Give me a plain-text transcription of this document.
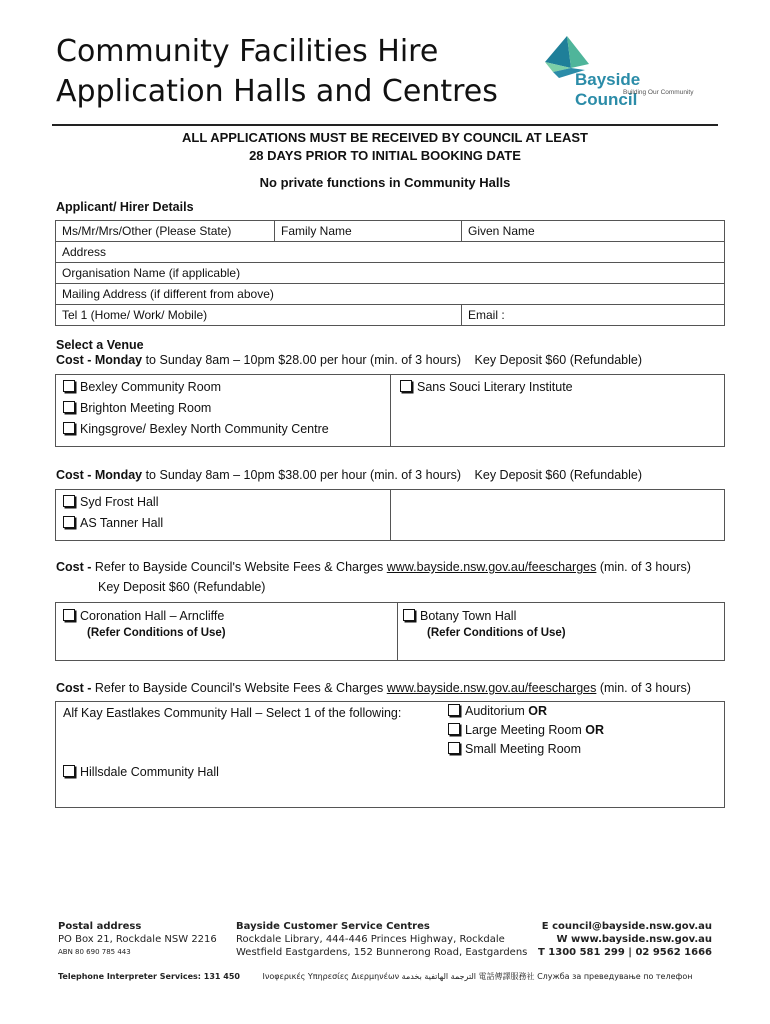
Community Facilities Hire
Application Halls and Centres	Bayside Council
Building Our Community
ALL APPLICATIONS MUST BE RECEIVED BY COUNCIL AT LEAST
28 DAYS PRIOR TO INITIAL BOOKING DATE
No private functions in Community Halls
Applicant/ Hirer Details
Ms/Mr/Mrs/Other (Please State)	Family Name	Given Name
Address		
Organisation Name (if applicable)		
Mailing Address (if different from above)		
Tel 1 (Home/ Work/ Mobile)		Email :
Select a Venue
Cost - Monday to Sunday 8am – 10pm $28.00 per hour (min. of 3 hours) Key Deposit $60 (Refundable)
Bexley Community Room
Brighton Meeting Room
Kingsgrove/ Bexley North Community Centre
Sans Souci Literary Institute
Cost - Monday to Sunday 8am – 10pm $38.00 per hour (min. of 3 hours) Key Deposit $60 (Refundable)
Syd Frost Hall
AS Tanner Hall
Cost - Refer to Bayside Council's Website Fees & Charges www.bayside.nsw.gov.au/feescharges (min. of 3 hours)
Key Deposit $60 (Refundable)
Coronation Hall – Arncliffe
(Refer Conditions of Use)
Botany Town Hall
(Refer Conditions of Use)
Cost - Refer to Bayside Council's Website Fees & Charges www.bayside.nsw.gov.au/feescharges (min. of 3 hours)
Alf Kay Eastlakes Community Hall – Select 1 of the following:	Auditorium OR
Large Meeting Room OR
Small Meeting Room
Hillsdale Community Hall
Postal address
PO Box 21, Rockdale NSW 2216
ABN 80 690 785 443
Bayside Customer Service Centres
Rockdale Library, 444-446 Princes Highway, Rockdale
Westfield Eastgardens, 152 Bunnerong Road, Eastgardens
E council@bayside.nsw.gov.au
W www.bayside.nsw.gov.au
T 1300 581 299 | 02 9562 1666
Telephone Interpreter Services: 131 450	Ινοφερικές Υπηρεσίες Διερμηνέων الترجمة الهاتفية بخدمة 電話傳譯服務社 Служба за преведување по телефон
